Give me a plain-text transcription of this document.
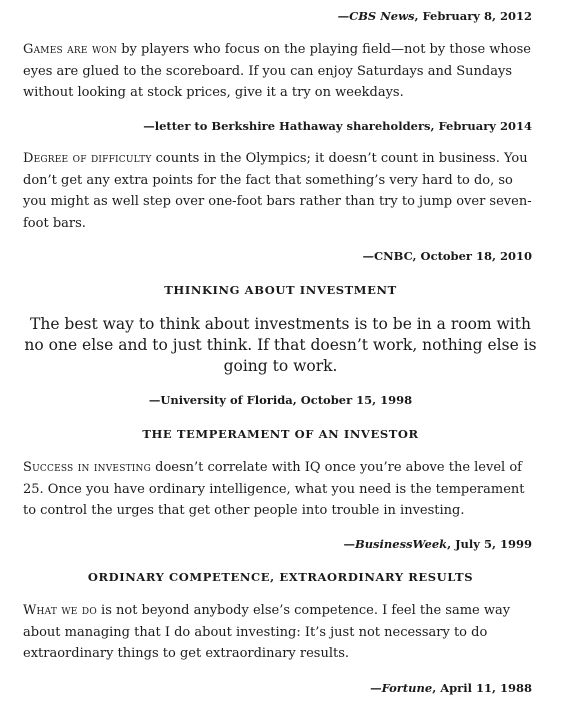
—CBS News, February 8, 2012

Games are won by players who focus on the playing field—not by those whose eyes are glued to the scoreboard. If you can enjoy Saturdays and Sundays without looking at stock prices, give it a try on weekdays.

—letter to Berkshire Hathaway shareholders, February 2014

Degree of difficulty counts in the Olympics; it doesn’t count in business. You don’t get any extra points for the fact that something’s very hard to do, so you might as well step over one-foot bars rather than try to jump over seven-foot bars.

—CNBC, October 18, 2010
THINKING ABOUT INVESTMENT
The best way to think about investments is to be in a room with no one else and to just think. If that doesn’t work, nothing else is going to work.
—University of Florida, October 15, 1998
THE TEMPERAMENT OF AN INVESTOR

Success in investing doesn’t correlate with IQ once you’re above the level of 25. Once you have ordinary intelligence, what you need is the temperament to control the urges that get other people into trouble in investing.

—BusinessWeek, July 5, 1999
ORDINARY COMPETENCE, EXTRAORDINARY RESULTS

What we do is not beyond anybody else’s competence. I feel the same way about managing that I do about investing: It’s just not necessary to do extraordinary things to get extraordinary results.

—Fortune, April 11, 1988
